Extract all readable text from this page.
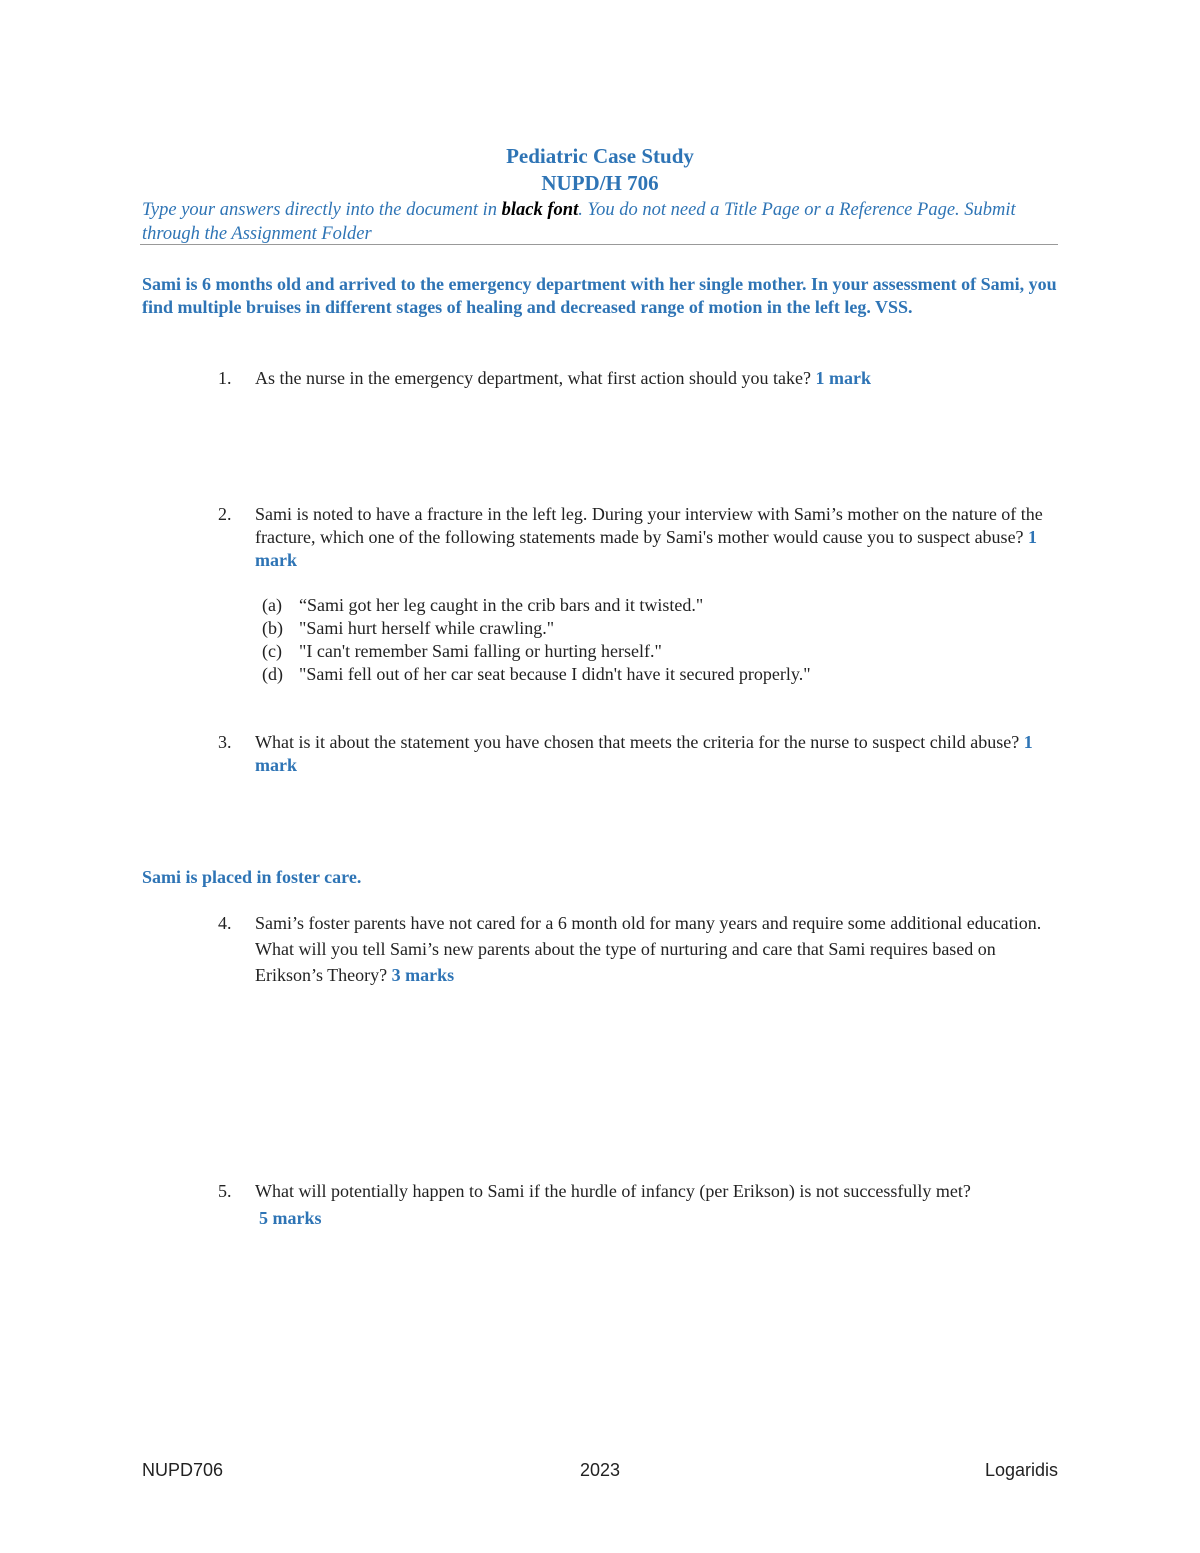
Pediatric Case Study
NUPD/H 706
Type your answers directly into the document in black font. You do not need a Title Page or a Reference Page. Submit through the Assignment Folder
Sami is 6 months old and arrived to the emergency department with her single mother. In your assessment of Sami, you find multiple bruises in different stages of healing and decreased range of motion in the left leg. VSS.
1. As the nurse in the emergency department, what first action should you take? 1 mark
2. Sami is noted to have a fracture in the left leg. During your interview with Sami’s mother on the nature of the fracture, which one of the following statements made by Sami's mother would cause you to suspect abuse? 1 mark
(a) “Sami got her leg caught in the crib bars and it twisted."
(b) "Sami hurt herself while crawling."
(c) "I can't remember Sami falling or hurting herself."
(d) "Sami fell out of her car seat because I didn't have it secured properly."
3. What is it about the statement you have chosen that meets the criteria for the nurse to suspect child abuse? 1 mark
Sami is placed in foster care.
4. Sami’s foster parents have not cared for a 6 month old for many years and require some additional education. What will you tell Sami’s new parents about the type of nurturing and care that Sami requires based on Erikson’s Theory? 3 marks
5. What will potentially happen to Sami if the hurdle of infancy (per Erikson) is not successfully met?
5 marks
NUPD706	2023	Logaridis
